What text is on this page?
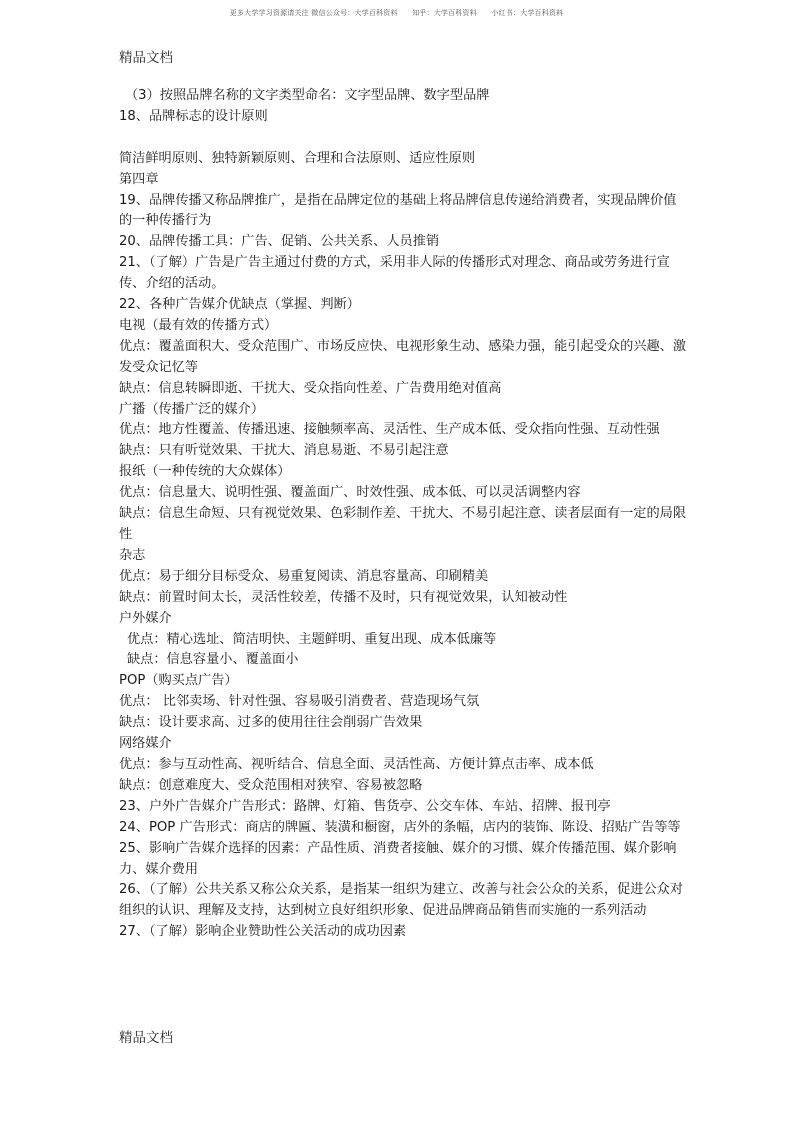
更多大学学习资源请关注 微信公众号：大学百科资料 知乎：大学百科资料 小红书：大学百科资料
精品文档
（3）按照品牌名称的文字类型命名：文字型品牌、数字型品牌
18、品牌标志的设计原则
简洁鲜明原则、独特新颖原则、合理和合法原则、适应性原则
第四章
19、品牌传播又称品牌推广，是指在品牌定位的基础上将品牌信息传递给消费者，实现品牌价值的一种传播行为
20、品牌传播工具：广告、促销、公共关系、人员推销
21、（了解）广告是广告主通过付费的方式，采用非人际的传播形式对理念、商品或劳务进行宣传、介绍的活动。
22、各种广告媒介优缺点（掌握、判断）
电视（最有效的传播方式）
优点：覆盖面积大、受众范围广、市场反应快、电视形象生动、感染力强，能引起受众的兴趣、激发受众记忆等
缺点：信息转瞬即逝、干扰大、受众指向性差、广告费用绝对值高
广播（传播广泛的媒介）
优点：地方性覆盖、传播迅速、接触频率高、灵活性、生产成本低、受众指向性强、互动性强
缺点：只有听觉效果、干扰大、消息易逝、不易引起注意
报纸（一种传统的大众媒体）
优点：信息量大、说明性强、覆盖面广、时效性强、成本低、可以灵活调整内容
缺点：信息生命短、只有视觉效果、色彩制作差、干扰大、不易引起注意、读者层面有一定的局限性
杂志
优点：易于细分目标受众、易重复阅读、消息容量高、印刷精美
缺点：前置时间太长，灵活性较差，传播不及时，只有视觉效果，认知被动性
户外媒介
优点：精心选址、简洁明快、主题鲜明、重复出现、成本低廉等
缺点：信息容量小、覆盖面小
POP（购买点广告）
优点： 比邻卖场、针对性强、容易吸引消费者、营造现场气氛
缺点：设计要求高、过多的使用往往会削弱广告效果
网络媒介
优点：参与互动性高、视听结合、信息全面、灵活性高、方便计算点击率、成本低
缺点：创意难度大、受众范围相对狭窄、容易被忽略
23、户外广告媒介广告形式：路牌、灯箱、售货亭、公交车体、车站、招牌、报刊亭
24、POP 广告形式：商店的牌匾、装潢和橱窗，店外的条幅，店内的装饰、陈设、招贴广告等等
25、影响广告媒介选择的因素：产品性质、消费者接触、媒介的习惯、媒介传播范围、媒介影响力、媒介费用
26、（了解）公共关系又称公众关系，是指某一组织为建立、改善与社会公众的关系，促进公众对组织的认识、理解及支持，达到树立良好组织形象、促进品牌商品销售而实施的一系列活动
27、（了解）影响企业赞助性公关活动的成功因素
精品文档
